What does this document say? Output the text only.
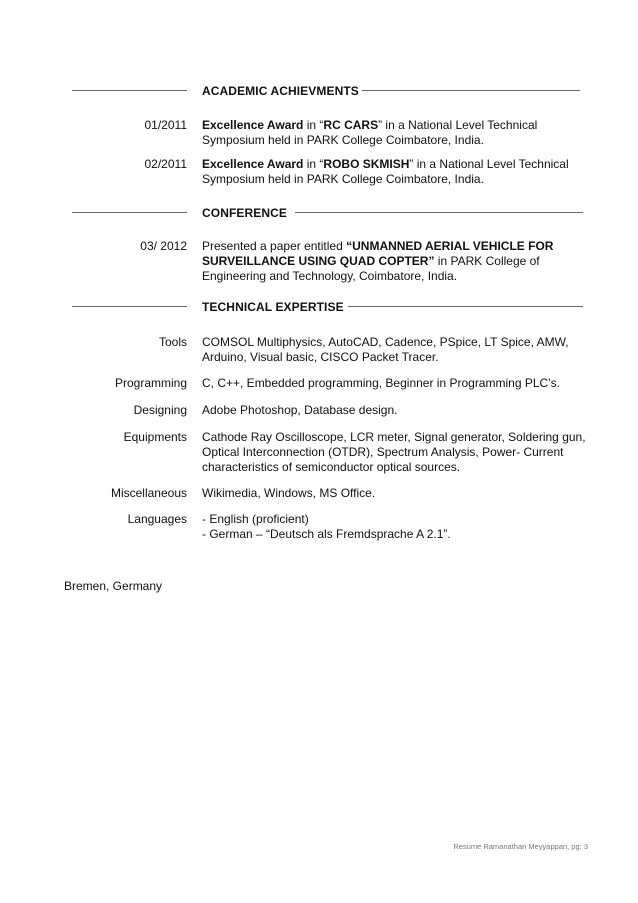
ACADEMIC ACHIEVMENTS
01/2011 Excellence Award in “RC CARS” in a National Level Technical
Symposium held in PARK College Coimbatore, India.
02/2011 Excellence Award in “ROBO SKMISH” in a National Level Technical
Symposium held in PARK College Coimbatore, India.
CONFERENCE
03/ 2012 Presented a paper entitled “UNMANNED AERIAL VEHICLE FOR
SURVEILLANCE USING QUAD COPTER” in PARK College of
Engineering and Technology, Coimbatore, India.
TECHNICAL EXPERTISE
Tools COMSOL Multiphysics, AutoCAD, Cadence, PSpice, LT Spice, AMW,
Arduino, Visual basic, CISCO Packet Tracer.
Programming C, C++, Embedded programming, Beginner in Programming PLC’s.
Designing Adobe Photoshop, Database design.
Equipments Cathode Ray Oscilloscope, LCR meter, Signal generator, Soldering gun,
Optical Interconnection (OTDR), Spectrum Analysis, Power- Current
characteristics of semiconductor optical sources.
Miscellaneous Wikimedia, Windows, MS Office.
Languages - English (proficient)
- German – “Deutsch als Fremdsprache A 2.1”.
Bremen, Germany
Resume Ramanathan Meyyappan, pg: 3
